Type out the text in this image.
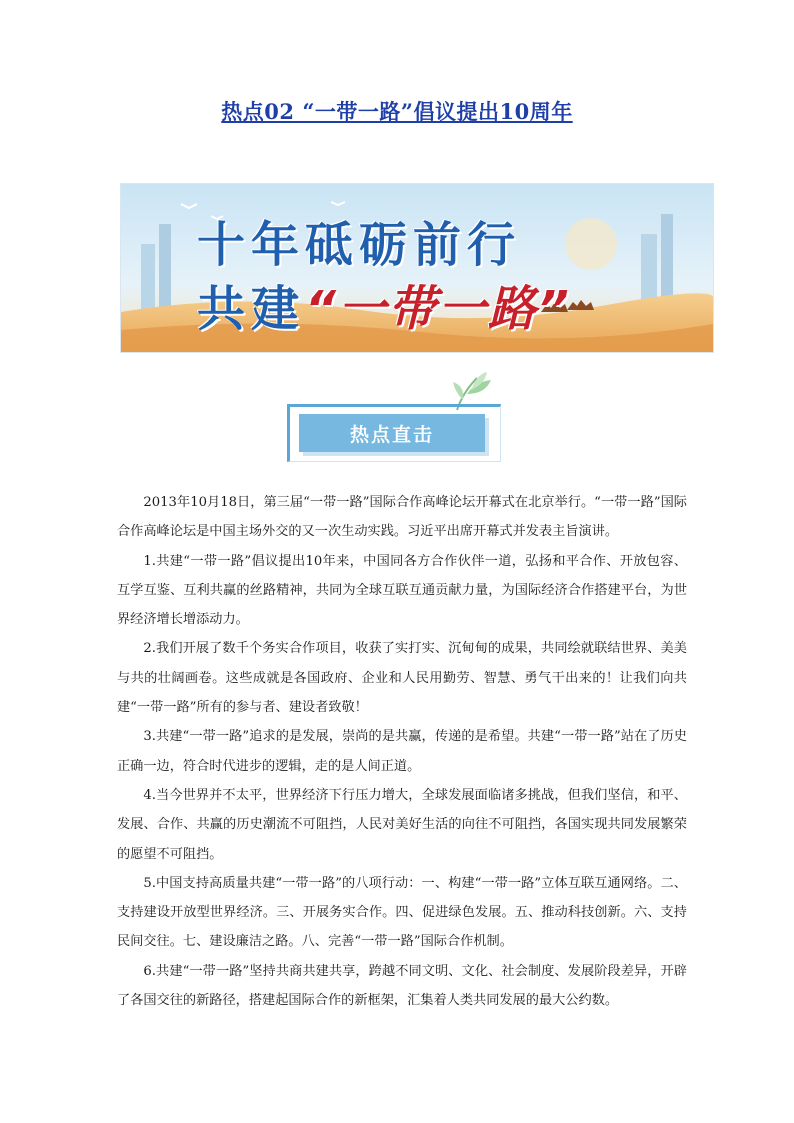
热点02 “一带一路”倡议提出10周年
十年砥砺前行
共建“一带一路”
热点直击

2013年10月18日，第三届“一带一路”国际合作高峰论坛开幕式在北京举行。“一带一路”国际合作高峰论坛是中国主场外交的又一次生动实践。习近平出席开幕式并发表主旨演讲。

1.共建“一带一路”倡议提出10年来，中国同各方合作伙伴一道，弘扬和平合作、开放包容、互学互鉴、互利共赢的丝路精神，共同为全球互联互通贡献力量，为国际经济合作搭建平台，为世界经济增长增添动力。

2.我们开展了数千个务实合作项目，收获了实打实、沉甸甸的成果，共同绘就联结世界、美美与共的壮阔画卷。这些成就是各国政府、企业和人民用勤劳、智慧、勇气干出来的！让我们向共建“一带一路”所有的参与者、建设者致敬！

3.共建“一带一路”追求的是发展，崇尚的是共赢，传递的是希望。共建“一带一路”站在了历史正确一边，符合时代进步的逻辑，走的是人间正道。

4.当今世界并不太平，世界经济下行压力增大，全球发展面临诸多挑战，但我们坚信，和平、发展、合作、共赢的历史潮流不可阻挡，人民对美好生活的向往不可阻挡，各国实现共同发展繁荣的愿望不可阻挡。

5.中国支持高质量共建“一带一路”的八项行动：一、构建“一带一路”立体互联互通网络。二、支持建设开放型世界经济。三、开展务实合作。四、促进绿色发展。五、推动科技创新。六、支持民间交往。七、建设廉洁之路。八、完善“一带一路”国际合作机制。

6.共建“一带一路”坚持共商共建共享，跨越不同文明、文化、社会制度、发展阶段差异，开辟了各国交往的新路径，搭建起国际合作的新框架，汇集着人类共同发展的最大公约数。
